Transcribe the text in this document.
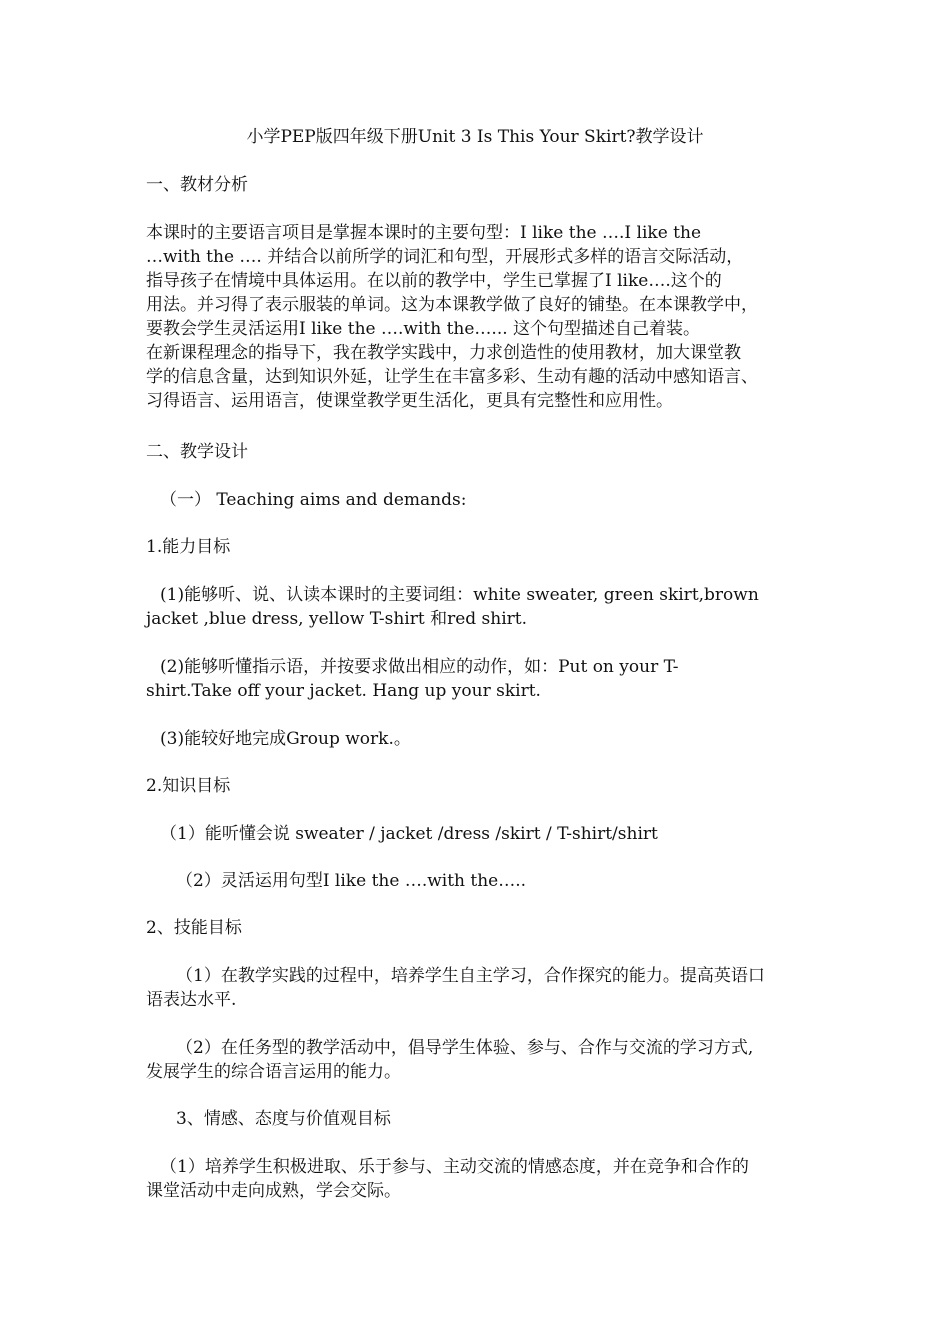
小学PEP版四年级下册Unit 3 Is This Your Skirt?教学设计
一、教材分析
本课时的主要语言项目是掌握本课时的主要句型：I like the ….I like the
…with the …. 并结合以前所学的词汇和句型，开展形式多样的语言交际活动，
指导孩子在情境中具体运用。在以前的教学中，学生已掌握了I like….这个的
用法。并习得了表示服装的单词。这为本课教学做了良好的铺垫。在本课教学中，
要教会学生灵活运用I like the ….with the…... 这个句型描述自己着装。
在新课程理念的指导下，我在教学实践中，力求创造性的使用教材，加大课堂教
学的信息含量，达到知识外延，让学生在丰富多彩、生动有趣的活动中感知语言、
习得语言、运用语言，使课堂教学更生活化，更具有完整性和应用性。
二、教学设计
（一） Teaching aims and demands:
1.能力目标
(1)能够听、说、认读本课时的主要词组：white sweater, green skirt,brown
jacket ,blue dress, yellow T-shirt 和red shirt.
(2)能够听懂指示语，并按要求做出相应的动作，如：Put on your T-
shirt.Take off your jacket. Hang up your skirt.
(3)能较好地完成Group work.。
2.知识目标
（1）能听懂会说 sweater / jacket /dress /skirt / T-shirt/shirt
（2）灵活运用句型I like the ….with the…..
2、技能目标
（1）在教学实践的过程中，培养学生自主学习，合作探究的能力。提高英语口
语表达水平.
（2）在任务型的教学活动中，倡导学生体验、参与、合作与交流的学习方式,
发展学生的综合语言运用的能力。
3、情感、态度与价值观目标
（1）培养学生积极进取、乐于参与、主动交流的情感态度，并在竞争和合作的
课堂活动中走向成熟，学会交际。
